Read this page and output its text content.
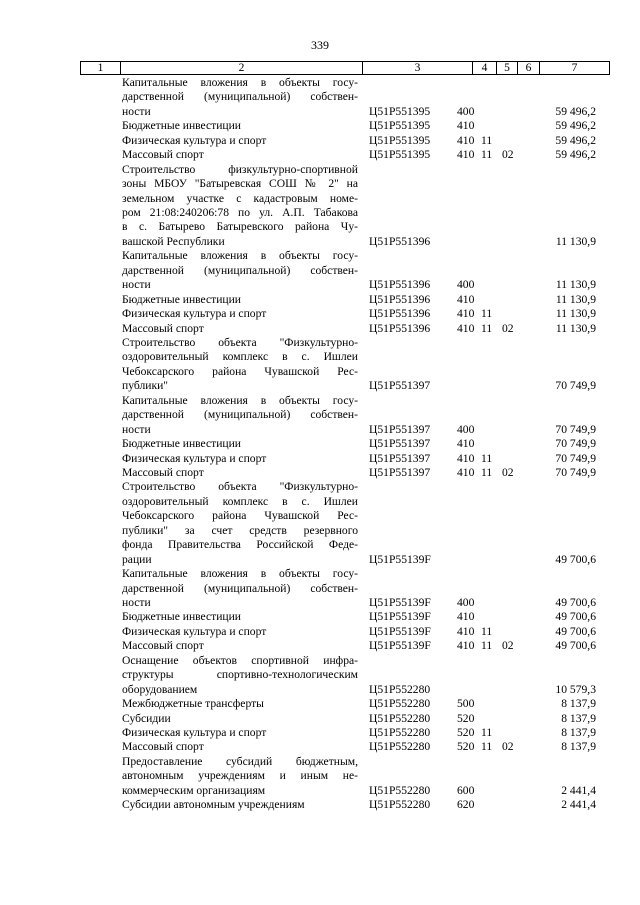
339
1	2	3	4	5	6	7
Капитальные вложения в объекты госу-
дарственной (муниципальной) собствен-
ности	Ц51Р551395	400	59 496,2
Бюджетные инвестиции	Ц51Р551395	410	59 496,2
Физическая культура и спорт	Ц51Р551395	410 11	59 496,2
Массовый спорт	Ц51Р551395	410 11 02	59 496,2
Строительство физкультурно-спортивной
зоны МБОУ "Батыревская СОШ № 2" на
земельном участке с кадастровым номе-
ром 21:08:240206:78 по ул. А.П. Табакова
в с. Батырево Батыревского района Чу-
вашской Республики	Ц51Р551396	11 130,9
Капитальные вложения в объекты госу-
дарственной (муниципальной) собствен-
ности	Ц51Р551396	400	11 130,9
Бюджетные инвестиции	Ц51Р551396	410	11 130,9
Физическая культура и спорт	Ц51Р551396	410 11	11 130,9
Массовый спорт	Ц51Р551396	410 11 02	11 130,9
Строительство объекта "Физкультурно-
оздоровительный комплекс в с. Ишлеи
Чебоксарского района Чувашской Рес-
публики"	Ц51Р551397	70 749,9
Капитальные вложения в объекты госу-
дарственной (муниципальной) собствен-
ности	Ц51Р551397	400	70 749,9
Бюджетные инвестиции	Ц51Р551397	410	70 749,9
Физическая культура и спорт	Ц51Р551397	410 11	70 749,9
Массовый спорт	Ц51Р551397	410 11 02	70 749,9
Строительство объекта "Физкультурно-
оздоровительный комплекс в с. Ишлеи
Чебоксарского района Чувашской Рес-
публики" за счет средств резервного
фонда Правительства Российской Феде-
рации	Ц51Р55139F	49 700,6
Капитальные вложения в объекты госу-
дарственной (муниципальной) собствен-
ности	Ц51Р55139F	400	49 700,6
Бюджетные инвестиции	Ц51Р55139F	410	49 700,6
Физическая культура и спорт	Ц51Р55139F	410 11	49 700,6
Массовый спорт	Ц51Р55139F	410 11 02	49 700,6
Оснащение объектов спортивной инфра-
структуры спортивно-технологическим
оборудованием	Ц51Р552280	10 579,3
Межбюджетные трансферты	Ц51Р552280	500	8 137,9
Субсидии	Ц51Р552280	520	8 137,9
Физическая культура и спорт	Ц51Р552280	520 11	8 137,9
Массовый спорт	Ц51Р552280	520 11 02	8 137,9
Предоставление субсидий бюджетным,
автономным учреждениям и иным не-
коммерческим организациям	Ц51Р552280	600	2 441,4
Субсидии автономным учреждениям	Ц51Р552280	620	2 441,4
